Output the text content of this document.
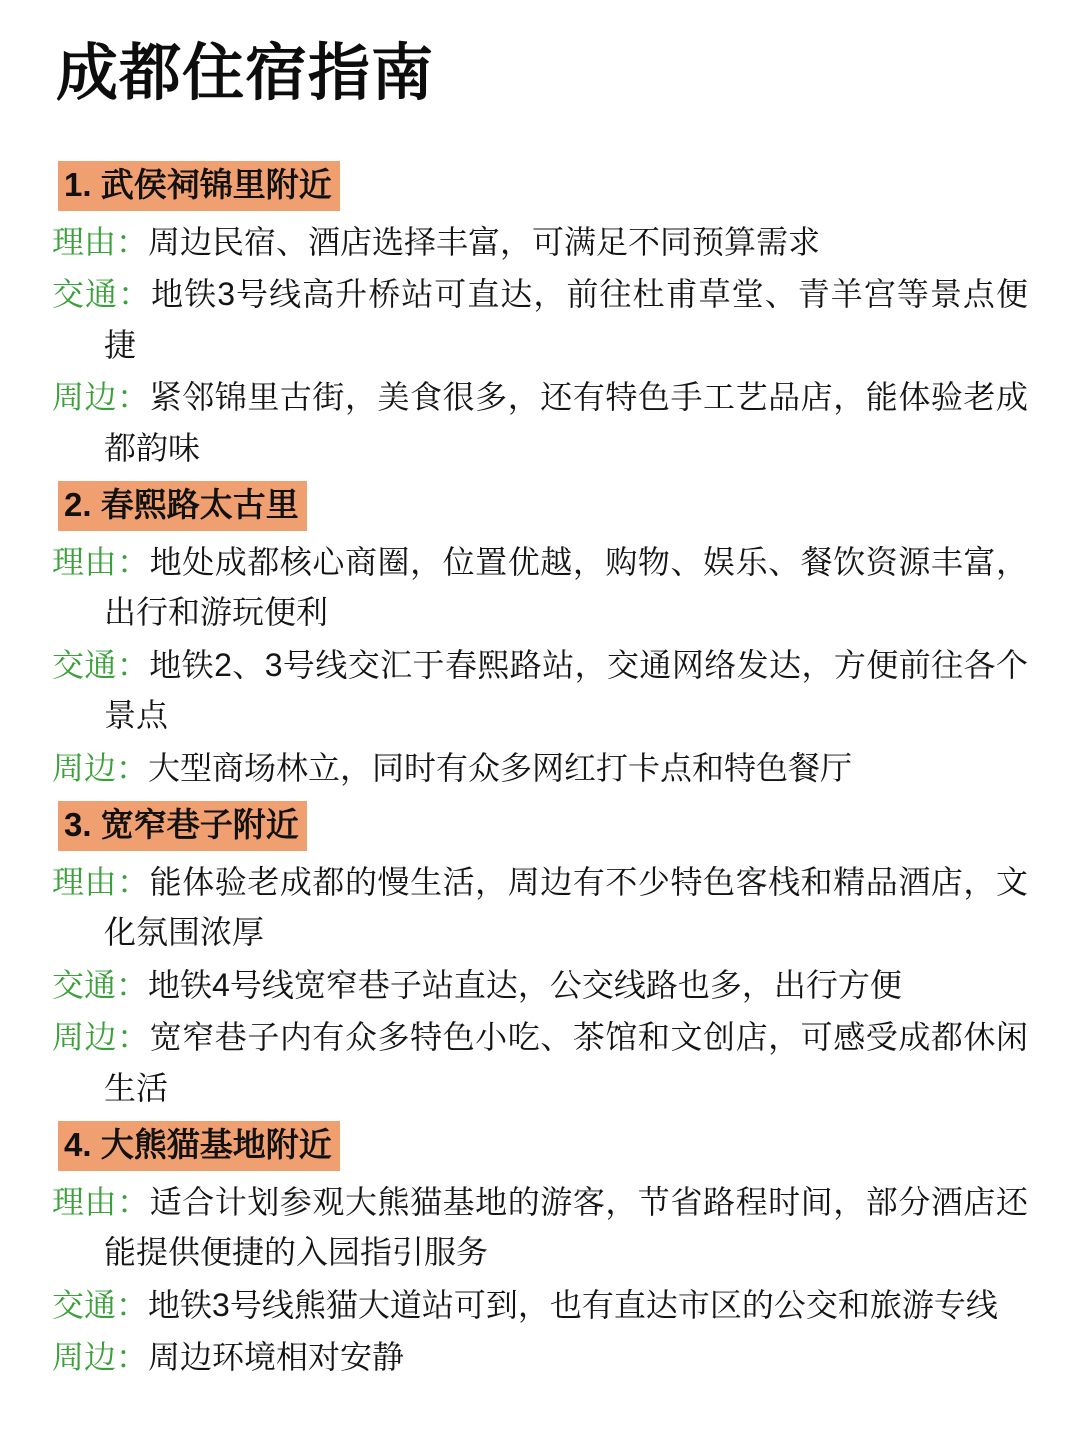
成都住宿指南
1. 武侯祠锦里附近

理由：周边民宿、酒店选择丰富，可满足不同预算需求

交通：地铁3号线高升桥站可直达，前往杜甫草堂、青羊宫等景点便捷

周边：紧邻锦里古街，美食很多，还有特色手工艺品店，能体验老成都韵味

2. 春熙路太古里

理由：地处成都核心商圈，位置优越，购物、娱乐、餐饮资源丰富，出行和游玩便利

交通：地铁2、3号线交汇于春熙路站，交通网络发达，方便前往各个景点

周边：大型商场林立，同时有众多网红打卡点和特色餐厅

3. 宽窄巷子附近

理由：能体验老成都的慢生活，周边有不少特色客栈和精品酒店，文化氛围浓厚

交通：地铁4号线宽窄巷子站直达，公交线路也多，出行方便

周边：宽窄巷子内有众多特色小吃、茶馆和文创店，可感受成都休闲生活

4. 大熊猫基地附近

理由：适合计划参观大熊猫基地的游客，节省路程时间，部分酒店还能提供便捷的入园指引服务

交通：地铁3号线熊猫大道站可到，也有直达市区的公交和旅游专线

周边：周边环境相对安静
